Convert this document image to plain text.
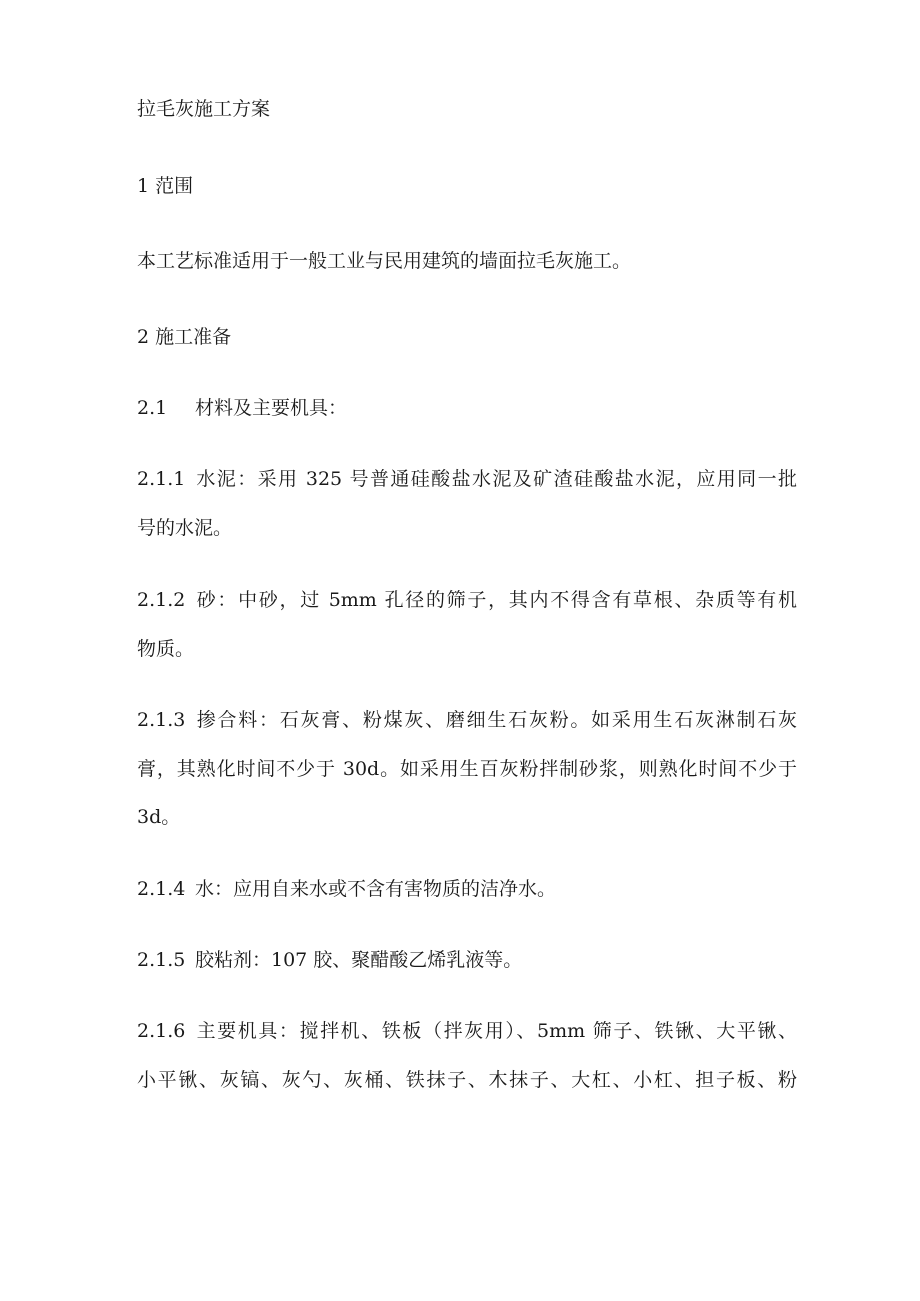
拉毛灰施工方案
1 范围
本工艺标准适用于一般工业与民用建筑的墙面拉毛灰施工。
2 施工准备
2.1 材料及主要机具：
2.1.1 水泥：采用 325 号普通硅酸盐水泥及矿渣硅酸盐水泥，应用同一批
号的水泥。
2.1.2 砂：中砂，过 5mm 孔径的筛子，其内不得含有草根、杂质等有机
物质。
2.1.3 掺合料：石灰膏、粉煤灰、磨细生石灰粉。如采用生石灰淋制石灰
膏，其熟化时间不少于 30d。如采用生百灰粉拌制砂浆，则熟化时间不少于
3d。
2.1.4 水：应用自来水或不含有害物质的洁净水。
2.1.5 胶粘剂：107 胶、聚醋酸乙烯乳液等。
2.1.6 主要机具：搅拌机、铁板（拌灰用）、5mm 筛子、铁锹、大平锹、
小平锹、灰镐、灰勺、灰桶、铁抹子、木抹子、大杠、小杠、担子板、粉
